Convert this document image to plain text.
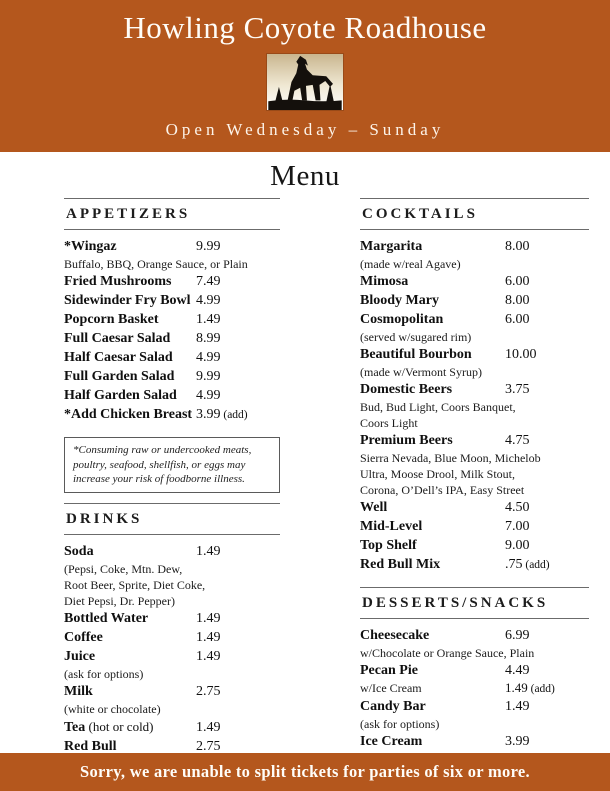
Howling Coyote Roadhouse
Open Wednesday – Sunday
Menu
APPETIZERS
*Wingaz	9.99
Buffalo, BBQ, Orange Sauce, or Plain
Fried Mushrooms	7.49
Sidewinder Fry Bowl 4.99
Popcorn Basket	1.49
Full Caesar Salad	8.99
Half Caesar Salad	4.99
Full Garden Salad	9.99
Half Garden Salad	4.99
*Add Chicken Breast 3.99 (add)
*Consuming raw or undercooked meats, poultry, seafood, shellfish, or eggs may increase your risk of foodborne illness.
DRINKS
Soda	1.49
(Pepsi, Coke, Mtn. Dew,
Root Beer, Sprite, Diet Coke,
Diet Pepsi, Dr. Pepper)
Bottled Water	1.49
Coffee	1.49
Juice	1.49
(ask for options)
Milk	2.75
(white or chocolate)
Tea (hot or cold)	1.49
Red Bull	2.75
COCKTAILS
Margarita	8.00
(made w/real Agave)
Mimosa	6.00
Bloody Mary	8.00
Cosmopolitan	6.00
(served w/sugared rim)
Beautiful Bourbon	10.00
(made w/Vermont Syrup)
Domestic Beers	3.75
Bud, Bud Light, Coors Banquet,
Coors Light
Premium Beers	4.75
Sierra Nevada, Blue Moon, Michelob
Ultra, Moose Drool, Milk Stout,
Corona, O’Dell’s IPA, Easy Street
Well	4.50
Mid-Level	7.00
Top Shelf	9.00
Red Bull Mix	.75 (add)
DESSERTS/SNACKS
Cheesecake	6.99
w/Chocolate or Orange Sauce, Plain
Pecan Pie	4.49
w/Ice Cream	1.49 (add)
Candy Bar	1.49
(ask for options)
Ice Cream	3.99
Sorry, we are unable to split tickets for parties of six or more.
